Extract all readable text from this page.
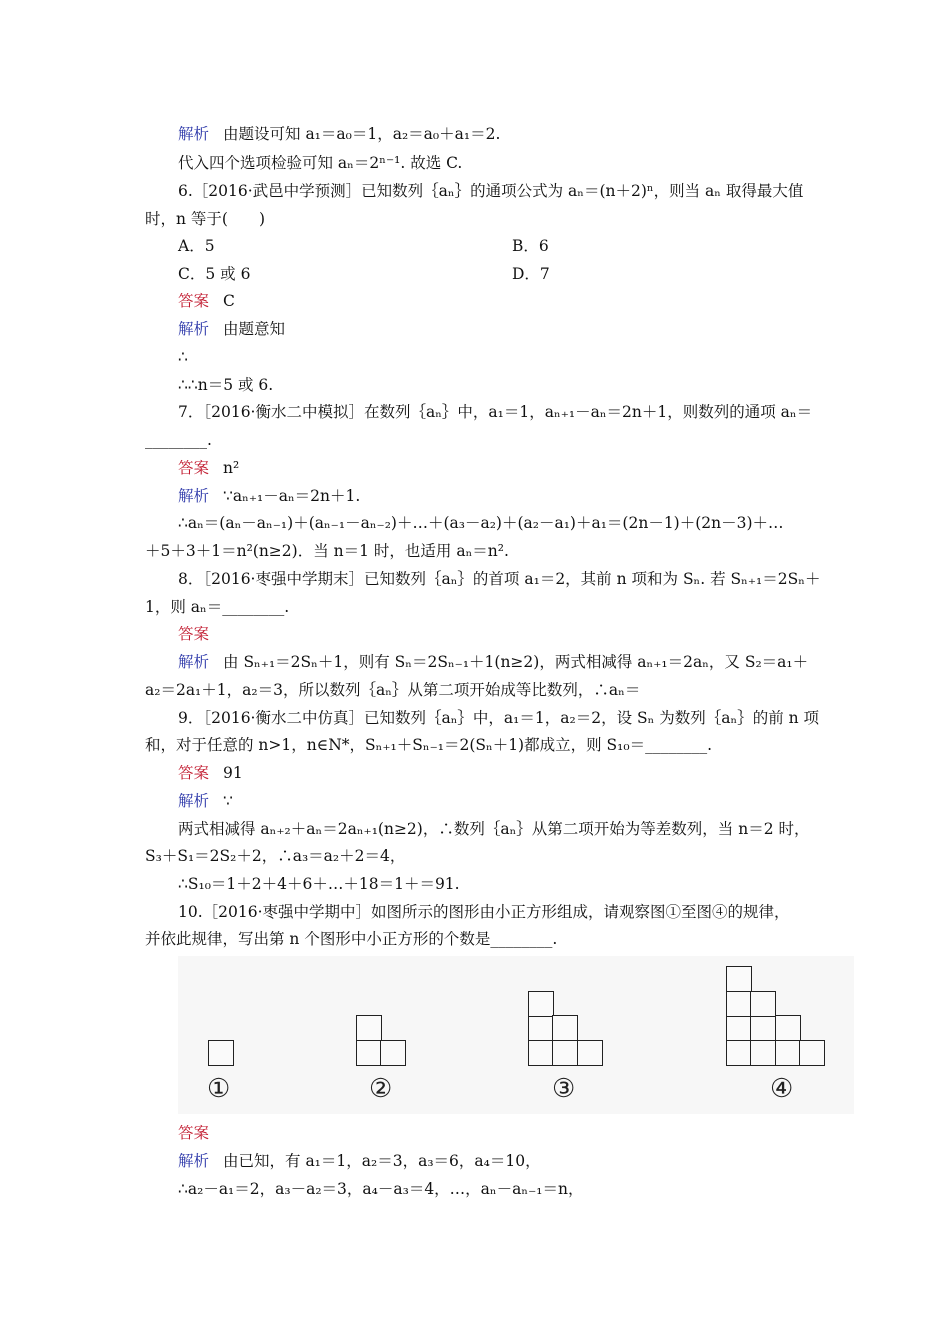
解析 由题设可知 a₁＝a₀＝1，a₂＝a₀＋a₁＝2.
代入四个选项检验可知 aₙ＝2ⁿ⁻¹. 故选 C.
6.［2016·武邑中学预测］已知数列｛aₙ｝的通项公式为 aₙ＝(n＋2)ⁿ，则当 aₙ 取得最大值
时，n 等于(　　)
A．5	B．6
C．5 或 6	D．7
答案 C
解析 由题意知
∴
∴∴n＝5 或 6.
7．［2016·衡水二中模拟］在数列｛aₙ｝中，a₁＝1，aₙ₊₁－aₙ＝2n＋1，则数列的通项 aₙ＝
________.
答案 n²
解析 ∵aₙ₊₁－aₙ＝2n＋1.
∴aₙ＝(aₙ－aₙ₋₁)＋(aₙ₋₁－aₙ₋₂)＋…＋(a₃－a₂)＋(a₂－a₁)＋a₁＝(2n－1)＋(2n－3)＋…
＋5＋3＋1＝n²(n≥2)．当 n＝1 时，也适用 aₙ＝n².
8．［2016·枣强中学期末］已知数列｛aₙ｝的首项 a₁＝2，其前 n 项和为 Sₙ. 若 Sₙ₊₁＝2Sₙ＋
1，则 aₙ＝________.
答案
解析 由 Sₙ₊₁＝2Sₙ＋1，则有 Sₙ＝2Sₙ₋₁＋1(n≥2)，两式相减得 aₙ₊₁＝2aₙ，又 S₂＝a₁＋
a₂＝2a₁＋1，a₂＝3，所以数列｛aₙ｝从第二项开始成等比数列，∴aₙ＝
9．［2016·衡水二中仿真］已知数列｛aₙ｝中，a₁＝1，a₂＝2，设 Sₙ 为数列｛aₙ｝的前 n 项
和，对于任意的 n>1，n∈N*，Sₙ₊₁＋Sₙ₋₁＝2(Sₙ＋1)都成立，则 S₁₀＝________.
答案 91
解析 ∵
两式相减得 aₙ₊₂＋aₙ＝2aₙ₊₁(n≥2)，∴数列｛aₙ｝从第二项开始为等差数列，当 n＝2 时，
S₃＋S₁＝2S₂＋2，∴a₃＝a₂＋2＝4，
∴S₁₀＝1＋2＋4＋6＋…＋18＝1＋＝91.
10.［2016·枣强中学期中］如图所示的图形由小正方形组成，请观察图①至图④的规律，
并依此规律，写出第 n 个图形中小正方形的个数是________.
①	②	③	④
答案
解析 由已知，有 a₁＝1，a₂＝3，a₃＝6，a₄＝10，
∴a₂－a₁＝2，a₃－a₂＝3，a₄－a₃＝4，…，aₙ－aₙ₋₁＝n，
